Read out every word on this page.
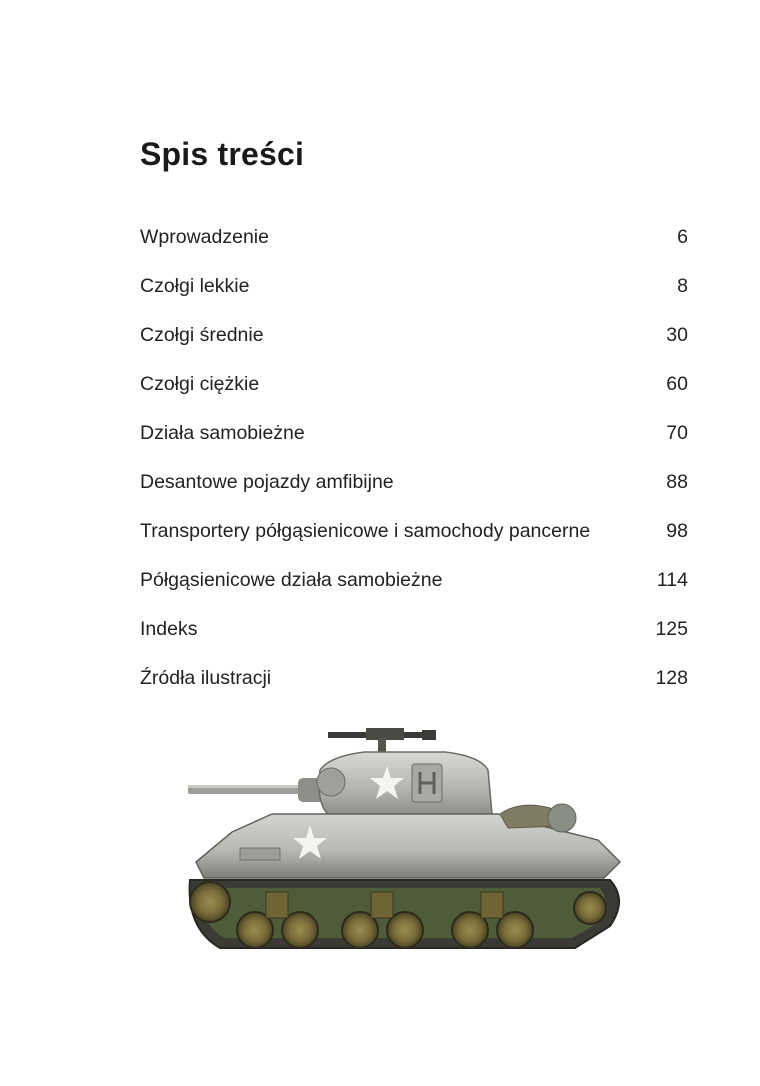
Spis treści
Wprowadzenie	6
Czołgi lekkie	8
Czołgi średnie	30
Czołgi ciężkie	60
Działa samobieżne	70
Desantowe pojazdy amfibijne	88
Transportery półgąsienicowe i samochody pancerne	98
Półgąsienicowe działa samobieżne	114
Indeks	125
Źródła ilustracji	128
